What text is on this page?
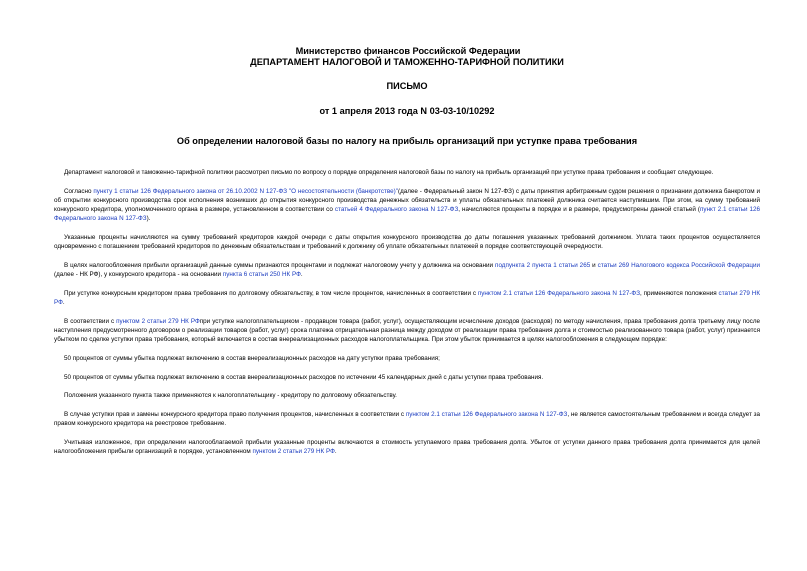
Министерство финансов Российской Федерации
ДЕПАРТАМЕНТ НАЛОГОВОЙ И ТАМОЖЕННО-ТАРИФНОЙ ПОЛИТИКИ
ПИСЬМО
от 1 апреля 2013 года N 03-03-10/10292
Об определении налоговой базы по налогу на прибыль организаций при уступке права требования

Департамент налоговой и таможенно-тарифной политики рассмотрел письмо по вопросу о порядке определения налоговой базы по налогу на прибыль организаций при уступке права требования и сообщает следующее.

Согласно пункту 1 статьи 126 Федерального закона от 26.10.2002 N 127-ФЗ "О несостоятельности (банкротстве)"(далее - Федеральный закон N 127-ФЗ) с даты принятия арбитражным судом решения о признании должника банкротом и об открытии конкурсного производства срок исполнения возникших до открытия конкурсного производства денежных обязательств и уплаты обязательных платежей должника считается наступившим. При этом, на сумму требований конкурсного кредитора, уполномоченного органа в размере, установленном в соответствии со статьей 4 Федерального закона N 127-ФЗ, начисляются проценты в порядке и в размере, предусмотрены данной статьей (пункт 2.1 статьи 126 Федерального закона N 127-ФЗ).

Указанные проценты начисляются на сумму требований кредиторов каждой очереди с даты открытия конкурсного производства до даты погашения указанных требований должником. Уплата таких процентов осуществляется одновременно с погашением требований кредиторов по денежным обязательствам и требований к должнику об уплате обязательных платежей в порядке соответствующей очередности.

В целях налогообложения прибыли организаций данные суммы признаются процентами и подлежат налоговому учету у должника на основании подпункта 2 пункта 1 статьи 265 и статьи 269 Налогового кодекса Российской Федерации (далее - НК РФ), у конкурсного кредитора - на основании пункта 6 статьи 250 НК РФ.

При уступке конкурсным кредитором права требования по долговому обязательству, в том числе процентов, начисленных в соответствии с пунктом 2.1 статьи 126 Федерального закона N 127-ФЗ, применяются положения статьи 279 НК РФ.

В соответствии с пунктом 2 статьи 279 НК РФпри уступке налогоплательщиком - продавцом товара (работ, услуг), осуществляющим исчисление доходов (расходов) по методу начисления, права требования долга третьему лицу после наступления предусмотренного договором о реализации товаров (работ, услуг) срока платежа отрицательная разница между доходом от реализации права требования долга и стоимостью реализованного товара (работ, услуг) признается убытком по сделке уступки права требования, который включается в состав внереализационных расходов налогоплательщика. При этом убыток принимается в целях налогообложения в следующем порядке:

50 процентов от суммы убытка подлежат включению в состав внереализационных расходов на дату уступки права требования;

50 процентов от суммы убытка подлежат включению в состав внереализационных расходов по истечении 45 календарных дней с даты уступки права требования.

Положения указанного пункта также применяются к налогоплательщику - кредитору по долговому обязательству.

В случае уступки прав и замены конкурсного кредитора право получения процентов, начисленных в соответствии с пунктом 2.1 статьи 126 Федерального закона N 127-ФЗ, не является самостоятельным требованием и всегда следует за правом конкурсного кредитора на реестровое требование.

Учитывая изложенное, при определении налогооблагаемой прибыли указанные проценты включаются в стоимость уступаемого права требования долга. Убыток от уступки данного права требования долга принимается для целей налогообложения прибыли организаций в порядке, установленном пунктом 2 статьи 279 НК РФ.
